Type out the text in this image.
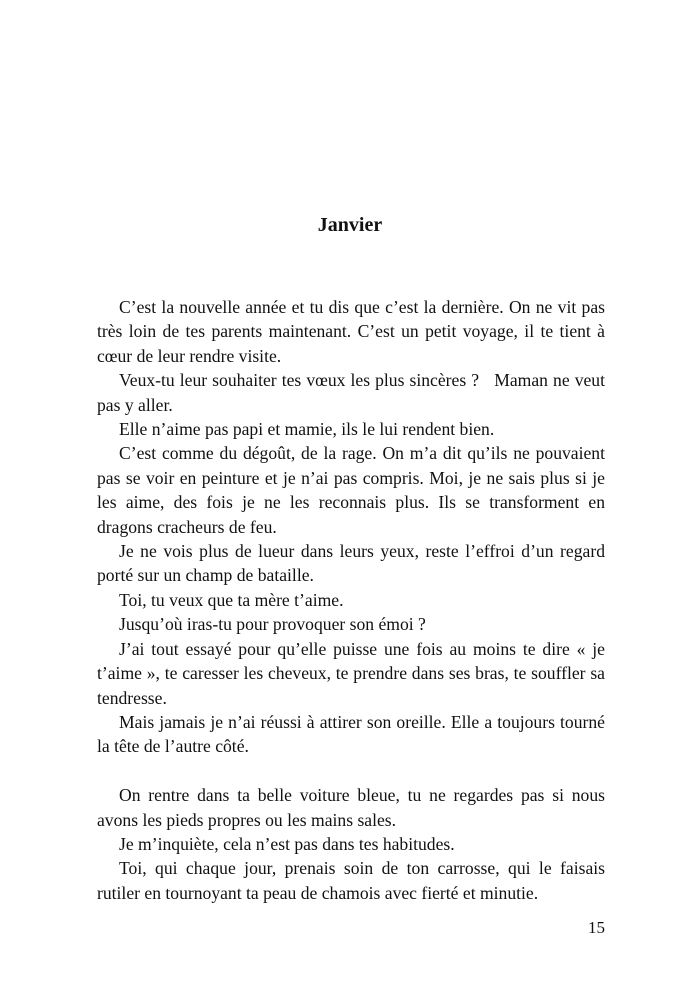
Janvier

C’est la nouvelle année et tu dis que c’est la dernière. On ne vit pas très loin de tes parents maintenant. C’est un petit voyage, il te tient à cœur de leur rendre visite.

Veux-tu leur souhaiter tes vœux les plus sincères ?   Maman ne veut pas y aller.

Elle n’aime pas papi et mamie, ils le lui rendent bien.

C’est comme du dégoût, de la rage. On m’a dit qu’ils ne pouvaient pas se voir en peinture et je n’ai pas compris. Moi, je ne sais plus si je les aime, des fois je ne les reconnais plus. Ils se transforment en dragons cracheurs de feu.

Je ne vois plus de lueur dans leurs yeux, reste l’effroi d’un regard porté sur un champ de bataille.

Toi, tu veux que ta mère t’aime.

Jusqu’où iras-tu pour provoquer son émoi ?

J’ai tout essayé pour qu’elle puisse une fois au moins te dire « je t’aime », te caresser les cheveux, te prendre dans ses bras, te souffler sa tendresse.

Mais jamais je n’ai réussi à attirer son oreille. Elle a toujours tourné la tête de l’autre côté.

On rentre dans ta belle voiture bleue, tu ne regardes pas si nous avons les pieds propres ou les mains sales.

Je m’inquiète, cela n’est pas dans tes habitudes.

Toi, qui chaque jour, prenais soin de ton carrosse, qui le faisais rutiler en tournoyant ta peau de chamois avec fierté et minutie.

15
